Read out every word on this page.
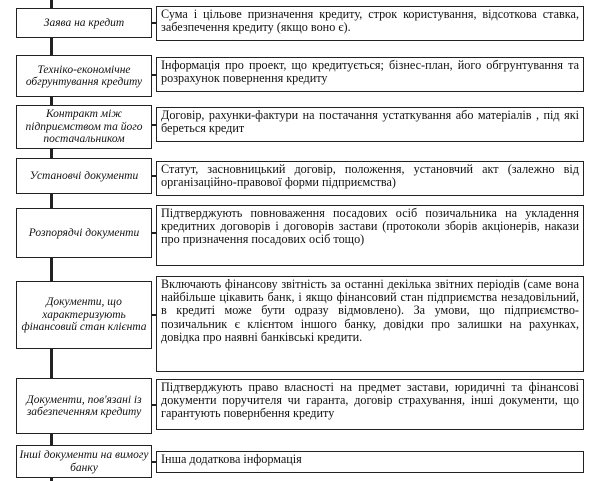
Заява на кредит
Сума і цільове призначення кредиту, строк користування, відсоткова ставка, забезпечення кредиту (якщо воно є).
Техніко-економічне обгрунтування кредиту
Інформація про проект, що кредитується; бізнес-план, його обгрунтування та розрахунок повернення кредиту
Контракт між підприємством та його постачальником
Договір, рахунки-фактури на постачання устаткування або матеріалів , під які береться кредит
Установчі документи	Статут, засновницький договір, положення, установчий акт (залежно від організаційно-правової форми підприємства)
Розпорядчі документи
Підтверджують повноваження посадових осіб позичальника на укладення кредитних договорів і договорів застави (протоколи зборів акціонерів, накази про призначення посадових осіб тощо)
Документи, що характеризують фінансовий стан клієнта
Включають фінансову звітність за останні декілька звітних періодів (саме вона найбільше цікавить банк, і якщо фінансовий стан підприємства незадовільний, в кредиті може бути одразу відмовлено). За умови, що підприємство-позичальник є клієнтом іншого банку, довідки про залишки на рахунках, довідка про наявні банківські кредити.
Документи, пов'язані із забезпеченням кредиту
Підтверджують право власності на предмет застави, юридичні та фінансові документи поручителя чи гаранта, договір страхування, інші документи, що гарантують повернбення кредиту
Інші документи на вимогу банку
Інша додаткова інформація
